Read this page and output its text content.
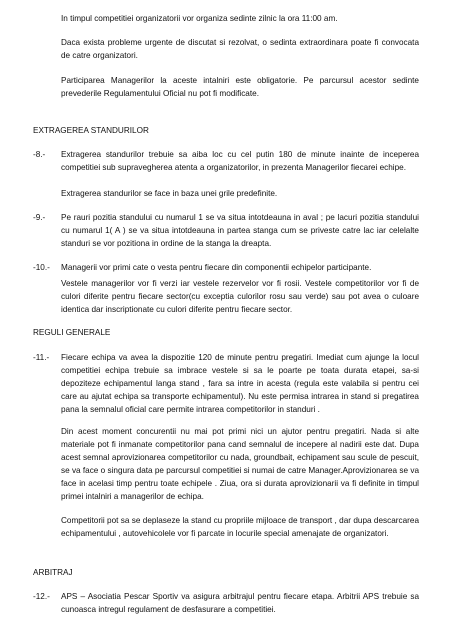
In timpul competitiei organizatorii vor organiza sedinte zilnic la ora 11:00 am.
Daca exista probleme urgente de discutat si rezolvat, o sedinta extraordinara poate fi convocata de catre organizatori.
Participarea Managerilor la aceste intalniri este obligatorie. Pe parcursul acestor sedinte prevederile Regulamentului Oficial nu pot fi modificate.
EXTRAGEREA STANDURILOR
-8.- Extragerea standurilor trebuie sa aiba loc cu cel putin 180 de minute inainte de inceperea competitiei sub supravegherea atenta a organizatorilor, in prezenta Managerilor fiecarei echipe.
Extragerea standurilor se face in baza unei grile predefinite.
-9.- Pe rauri pozitia standului cu numarul 1 se va situa intotdeauna in aval ; pe lacuri pozitia standului cu numarul 1( A ) se va situa intotdeauna in partea stanga cum se priveste catre lac iar celelalte standuri se vor pozitiona in ordine de la stanga la dreapta.
-10.- Managerii vor primi cate o vesta pentru fiecare din componentii echipelor participante.
Vestele managerilor vor fi verzi iar vestele rezervelor vor fi rosii. Vestele competitorilor vor fi de culori diferite pentru fiecare sector(cu exceptia culorilor rosu sau verde) sau pot avea o culoare identica dar inscriptionate cu culori diferite pentru fiecare sector.
REGULI GENERALE
-11.- Fiecare echipa va avea la dispozitie 120 de minute pentru pregatiri. Imediat cum ajunge la locul competitiei echipa trebuie sa imbrace vestele si sa le poarte pe toata durata etapei, sa-si depoziteze echipamentul langa stand , fara sa intre in acesta (regula este valabila si pentru cei care au ajutat echipa sa transporte echipamentul). Nu este permisa intrarea in stand si pregatirea pana la semnalul oficial care permite intrarea competitorilor in standuri .
Din acest moment concurentii nu mai pot primi nici un ajutor pentru pregatiri. Nada si alte materiale pot fi inmanate competitorilor pana cand semnalul de incepere al nadirii este dat. Dupa acest semnal aprovizionarea competitorilor cu nada, groundbait, echipament sau scule de pescuit, se va face o singura data pe parcursul competitiei si numai de catre Manager.Aprovizionarea se va face in acelasi timp pentru toate echipele . Ziua, ora si durata aprovizionarii va fi definite in timpul primei intalniri a managerilor de echipa.
Competitorii pot sa se deplaseze la stand cu propriile mijloace de transport , dar dupa descarcarea echipamentului , autovehicolele vor fi parcate in locurile special amenajate de organizatori.
ARBITRAJ
-12.- APS – Asociatia Pescar Sportiv va asigura arbitrajul pentru fiecare etapa. Arbitrii APS trebuie sa cunoasca intregul regulament de desfasurare a competitiei.
